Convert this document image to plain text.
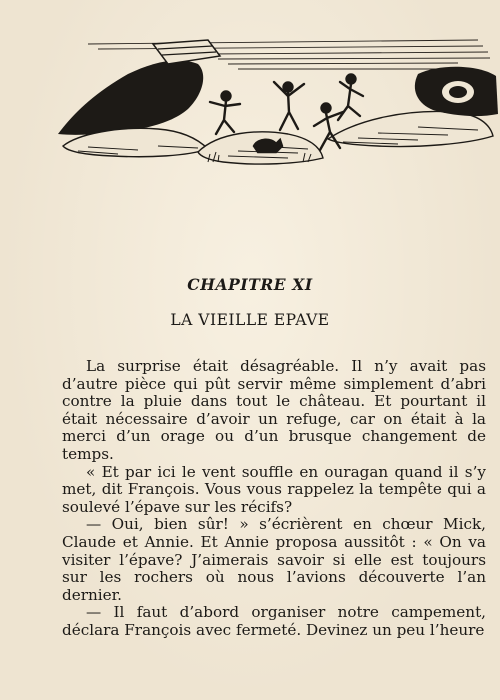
CHAPITRE XI
LA VIEILLE EPAVE

La surprise était désagréable. Il n’y avait pas d’autre pièce qui pût servir même simplement d’abri contre la pluie dans tout le château. Et pourtant il était nécessaire d’avoir un refuge, car on était à la merci d’un orage ou d’un brusque changement de temps.

« Et par ici le vent souffle en ouragan quand il s’y met, dit François. Vous vous rappelez la tempête qui a soulevé l’épave sur les récifs?

— Oui, bien sûr! » s’écrièrent en chœur Mick, Claude et Annie. Et Annie proposa aussitôt : « On va visiter l’épave? J’aimerais savoir si elle est toujours sur les rochers où nous l’avions découverte l’an dernier.

— Il faut d’abord organiser notre campement, déclara François avec fermeté. Devinez un peu l’heure
